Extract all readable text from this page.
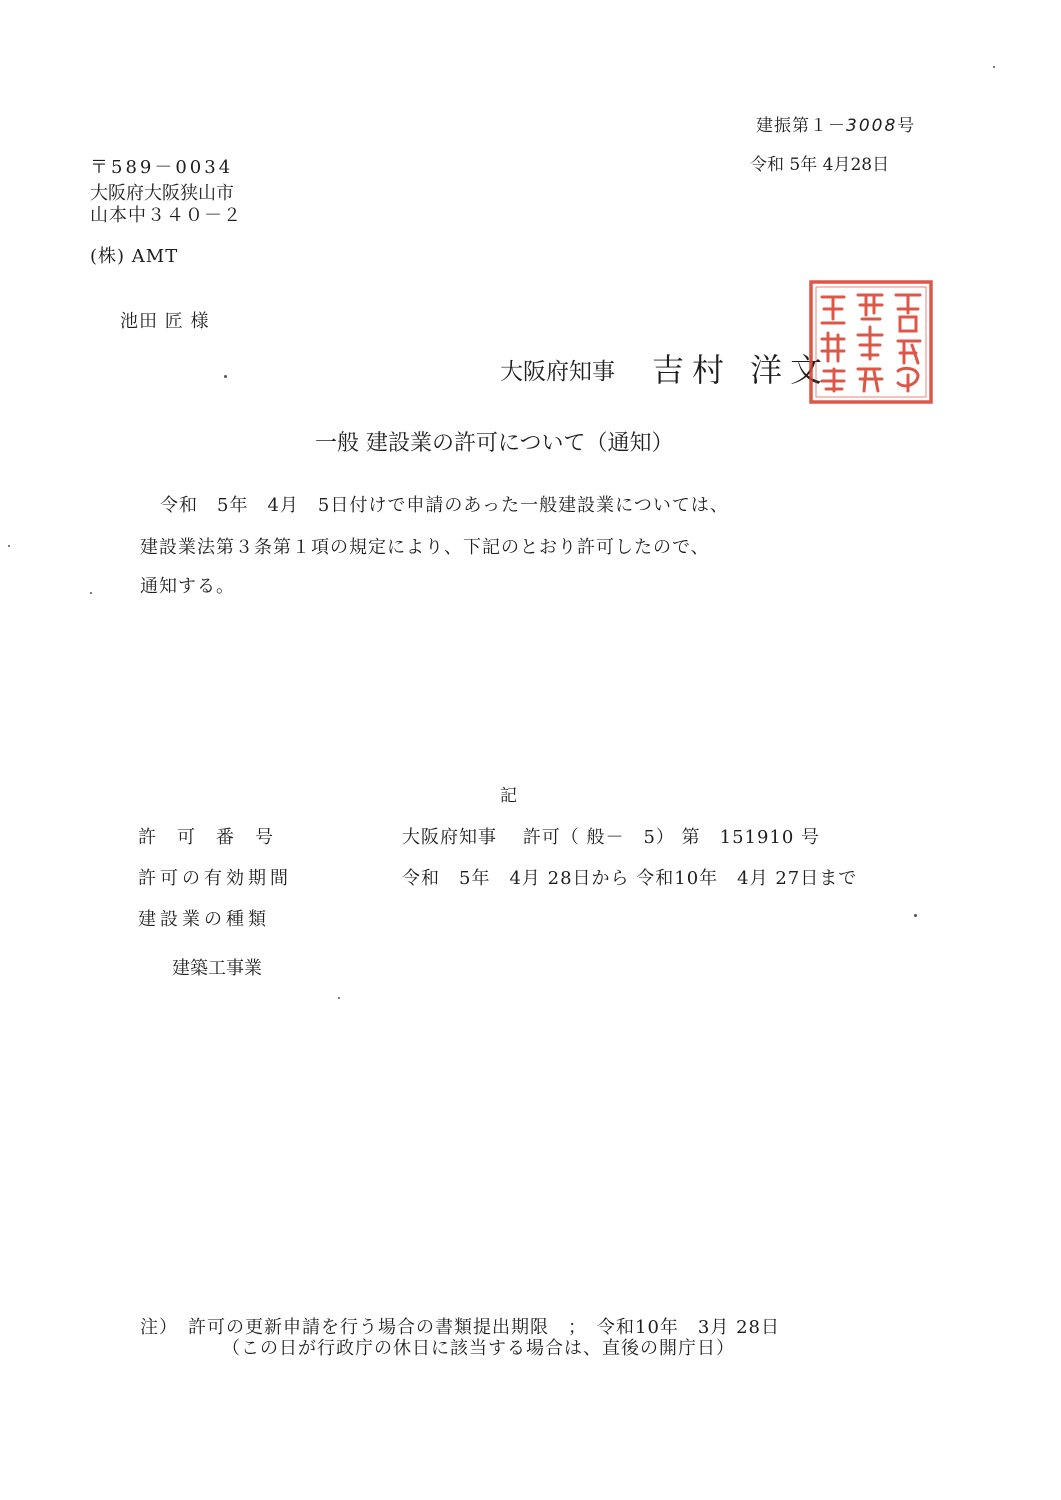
建振第１－3008号
令和 5年 4月28日
〒589－0034
大阪府大阪狭山市
山本中３４０－２
(株) AMT
池田 匠 様
大阪府知事 吉村 洋文
一般 建設業の許可について（通知）
令和　5年　4月　5日付けで申請のあった一般建設業については、
建設業法第３条第１項の規定により、下記のとおり許可したので、
通知する。
記
許可番号	大阪府知事　 許可（ 般－　5） 第　151910 号
許可の有効期間	令和　5年　4月 28日から 令和10年　4月 27日まで
建設業の種類
建築工事業
注）　許可の更新申請を行う場合の書類提出期限　；　令和10年　3月 28日
（この日が行政庁の休日に該当する場合は、直後の開庁日）
